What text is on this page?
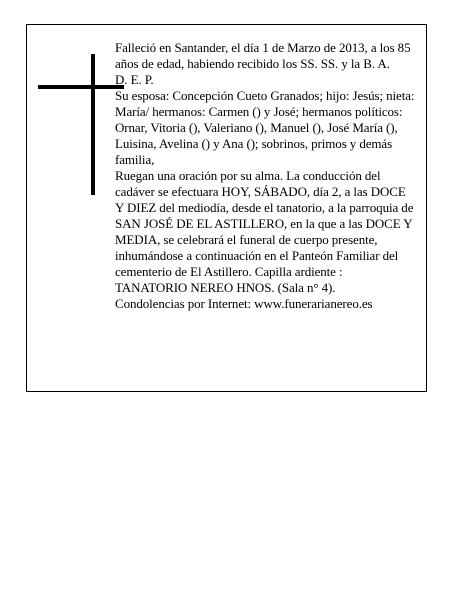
Falleció en Santander, el día 1 de Marzo de 2013, a los 85 años de edad, habiendo recibido los SS. SS. y la B. A.

D. E. P.

Su esposa: Concepción Cueto Granados; hijo: Jesús; nieta: María/ hermanos: Carmen () y José; hermanos políticos: Ornar, Vitoria (), Valeriano (), Manuel (), José María (), Luisina, Avelina () y Ana (); sobrinos, primos y demás familia,

Ruegan una oración por su alma. La conducción del cadáver se efectuara HOY, SÁBADO, día 2, a las DOCE Y DIEZ del mediodía, desde el tanatorio, a la parroquia de SAN JOSÉ DE EL ASTILLERO, en la que a las DOCE Y MEDIA, se celebrará el funeral de cuerpo presente, inhumándose a continuación en el Panteón Familiar del cementerio de El Astillero. Capilla ardiente : TANATORIO NEREO HNOS. (Sala n° 4).

Condolencias por Internet: www.funerarianereo.es
